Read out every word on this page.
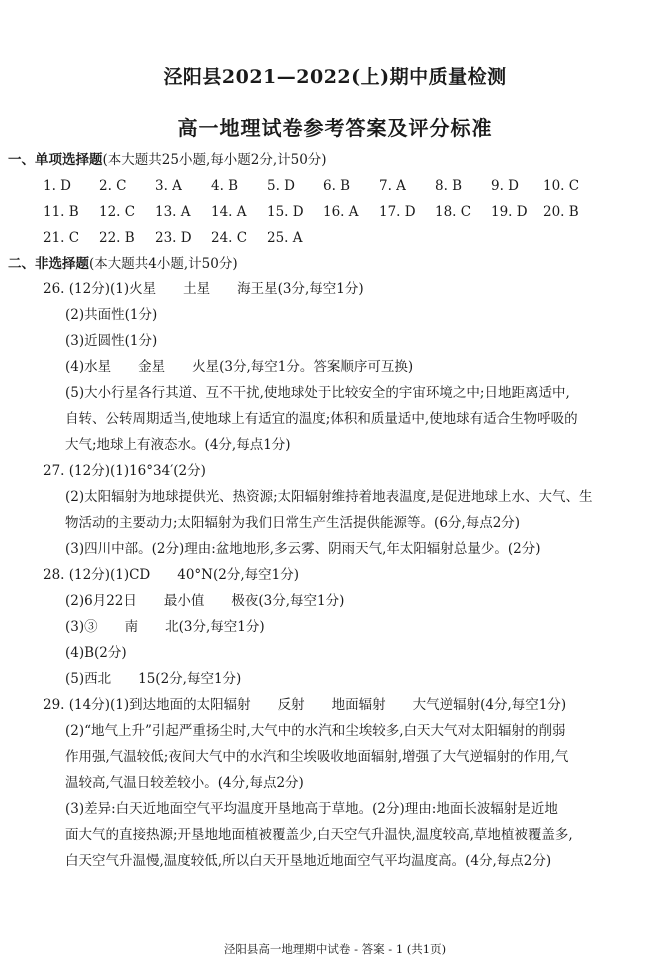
泾阳县2021—2022(上)期中质量检测
高一地理试卷参考答案及评分标准
一、单项选择题(本大题共25小题,每小题2分,计50分)
1. D 2. C 3. A 4. B 5. D 6. B 7. A 8. B 9. D 10. C
11. B 12. C 13. A 14. A 15. D 16. A 17. D 18. C 19. D 20. B
21. C 22. B 23. D 24. C 25. A
二、非选择题(本大题共4小题,计50分)
26. (12分)(1)火星　　土星　　海王星(3分,每空1分)
(2)共面性(1分)
(3)近圆性(1分)
(4)水星　　金星　　火星(3分,每空1分。答案顺序可互换)
(5)大小行星各行其道、互不干扰,使地球处于比较安全的宇宙环境之中;日地距离适中,
自转、公转周期适当,使地球上有适宜的温度;体积和质量适中,使地球有适合生物呼吸的
大气;地球上有液态水。(4分,每点1分)
27. (12分)(1)16°34′(2分)
(2)太阳辐射为地球提供光、热资源;太阳辐射维持着地表温度,是促进地球上水、大气、生
物活动的主要动力;太阳辐射为我们日常生产生活提供能源等。(6分,每点2分)
(3)四川中部。(2分)理由:盆地地形,多云雾、阴雨天气,年太阳辐射总量少。(2分)
28. (12分)(1)CD　　40°N(2分,每空1分)
(2)6月22日　　最小值　　极夜(3分,每空1分)
(3)③　　南　　北(3分,每空1分)
(4)B(2分)
(5)西北　　15(2分,每空1分)
29. (14分)(1)到达地面的太阳辐射　　反射　　地面辐射　　大气逆辐射(4分,每空1分)
(2)“地气上升”引起严重扬尘时,大气中的水汽和尘埃较多,白天大气对太阳辐射的削弱
作用强,气温较低;夜间大气中的水汽和尘埃吸收地面辐射,增强了大气逆辐射的作用,气
温较高,气温日较差较小。(4分,每点2分)
(3)差异:白天近地面空气平均温度开垦地高于草地。(2分)理由:地面长波辐射是近地
面大气的直接热源;开垦地地面植被覆盖少,白天空气升温快,温度较高,草地植被覆盖多,
白天空气升温慢,温度较低,所以白天开垦地近地面空气平均温度高。(4分,每点2分)
泾阳县高一地理期中试卷 - 答案 - 1 (共1页)
